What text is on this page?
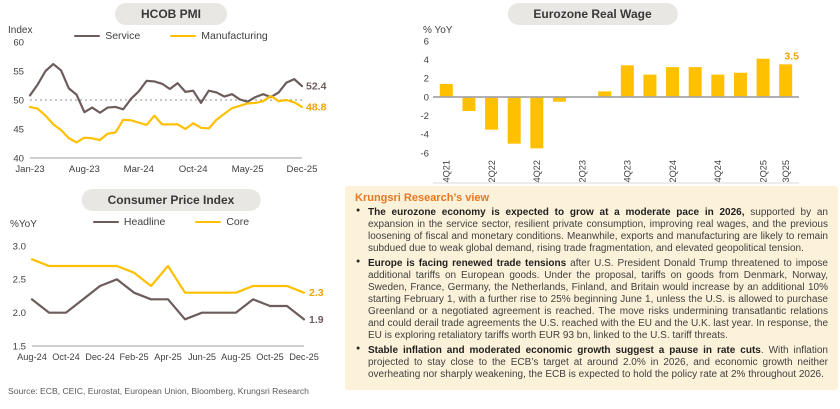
HCOB PMI
Service	Manufacturing
Index
60
55
50
45
40
Jan-23	Aug-23 Mar-24	Oct-24	May-25 Dec-25
52.4
48.8
Eurozone Real Wage
% YoY
6
4
2
0
-2
-4
-6
4Q21	2Q22	4Q22	2Q23	4Q23	2Q24	4Q24	2Q25 3Q25
3.5
Consumer Price Index
Headline	Core
%YoY
3.0
2.5
2.0
1.5
Aug-24 Oct-24 Dec-24 Feb-25 Apr-25 Jun-25 Aug-25 Oct-25 Dec-25
1.9
2.3
Krungsri Research’s view
● The eurozone economy is expected to grow at a moderate pace in 2026, supported by an expansion in the service sector, resilient private consumption, improving real wages, and the previous loosening of fiscal and monetary conditions. Meanwhile, exports and manufacturing are likely to remain subdued due to weak global demand, rising trade fragmentation, and elevated geopolitical tension.
● Europe is facing renewed trade tensions after U.S. President Donald Trump threatened to impose additional tariffs on European goods. Under the proposal, tariffs on goods from Denmark, Norway, Sweden, France, Germany, the Netherlands, Finland, and Britain would increase by an additional 10% starting February 1, with a further rise to 25% beginning June 1, unless the U.S. is allowed to purchase Greenland or a negotiated agreement is reached. The move risks undermining transatlantic relations and could derail trade agreements the U.S. reached with the EU and the U.K. last year. In response, the EU is exploring retaliatory tariffs worth EUR 93 bn, linked to the U.S. tariff threats.
● Stable inflation and moderated economic growth suggest a pause in rate cuts. With inflation projected to stay close to the ECB’s target at around 2.0% in 2026, and economic growth neither overheating nor sharply weakening, the ECB is expected to hold the policy rate at 2% throughout 2026.
Source: ECB, CEIC, Eurostat, European Union, Bloomberg, Krungsri Research
